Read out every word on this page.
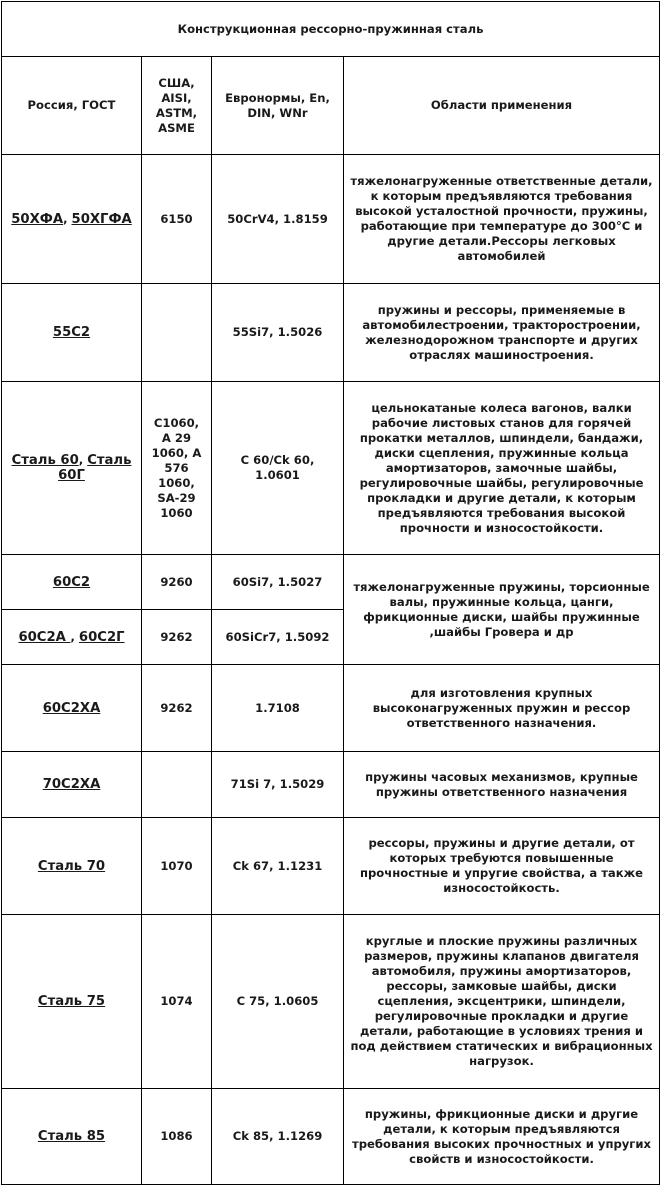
Конструкционная рессорно-пружинная сталь			
Россия, ГОСТ	США, AISI, ASTM, ASME	Евронормы, En, DIN, WNr	Области применения
50ХФА, 50ХГФА	6150	50CrV4, 1.8159	тяжелонагруженные ответственные детали, к которым предъявляются требования высокой усталостной прочности, пружины, работающие при температуре до 300°С и другие детали.Рессоры легковых автомобилей
55С2		55Si7, 1.5026	пружины и рессоры, применяемые в автомобилестроении, тракторостроении, железнодорожном транспорте и других отраслях машиностроения.
Сталь 60, Сталь 60Г	C1060, A 29 1060, A 576 1060, SA-29 1060	С 60/Ck 60, 1.0601	цельнокатаные колеса вагонов, валки рабочие листовых станов для горячей прокатки металлов, шпиндели, бандажи, диски сцепления, пружинные кольца амортизаторов, замочные шайбы, регулировочные шайбы, регулировочные прокладки и другие детали, к которым предъявляются требования высокой прочности и износостойкости.
60С2	9260	60Si7, 1.5027	тяжелонагруженные пружины, торсионные валы, пружинные кольца, цанги, фрикционные диски, шайбы пружинные ,шайбы Гровера и др
60С2А , 60С2Г	9262	60SiCr7, 1.5092	
60С2ХА	9262	1.7108	для изготовления крупных высоконагруженных пружин и рессор ответственного назначения.
70С2ХА		71Si 7, 1.5029	пружины часовых механизмов, крупные пружины ответственного назначения
Сталь 70	1070	Ck 67, 1.1231	рессоры, пружины и другие детали, от которых требуются повышенные прочностные и упругие свойства, а также износостойкость.
Сталь 75	1074	С 75, 1.0605	круглые и плоские пружины различных размеров, пружины клапанов двигателя автомобиля, пружины амортизаторов, рессоры, замковые шайбы, диски сцепления, эксцентрики, шпиндели, регулировочные прокладки и другие детали, работающие в условиях трения и под действием статических и вибрационных нагрузок.
Сталь 85	1086	Ck 85, 1.1269	пружины, фрикционные диски и другие детали, к которым предъявляются требования высоких прочностных и упругих свойств и износостойкости.
